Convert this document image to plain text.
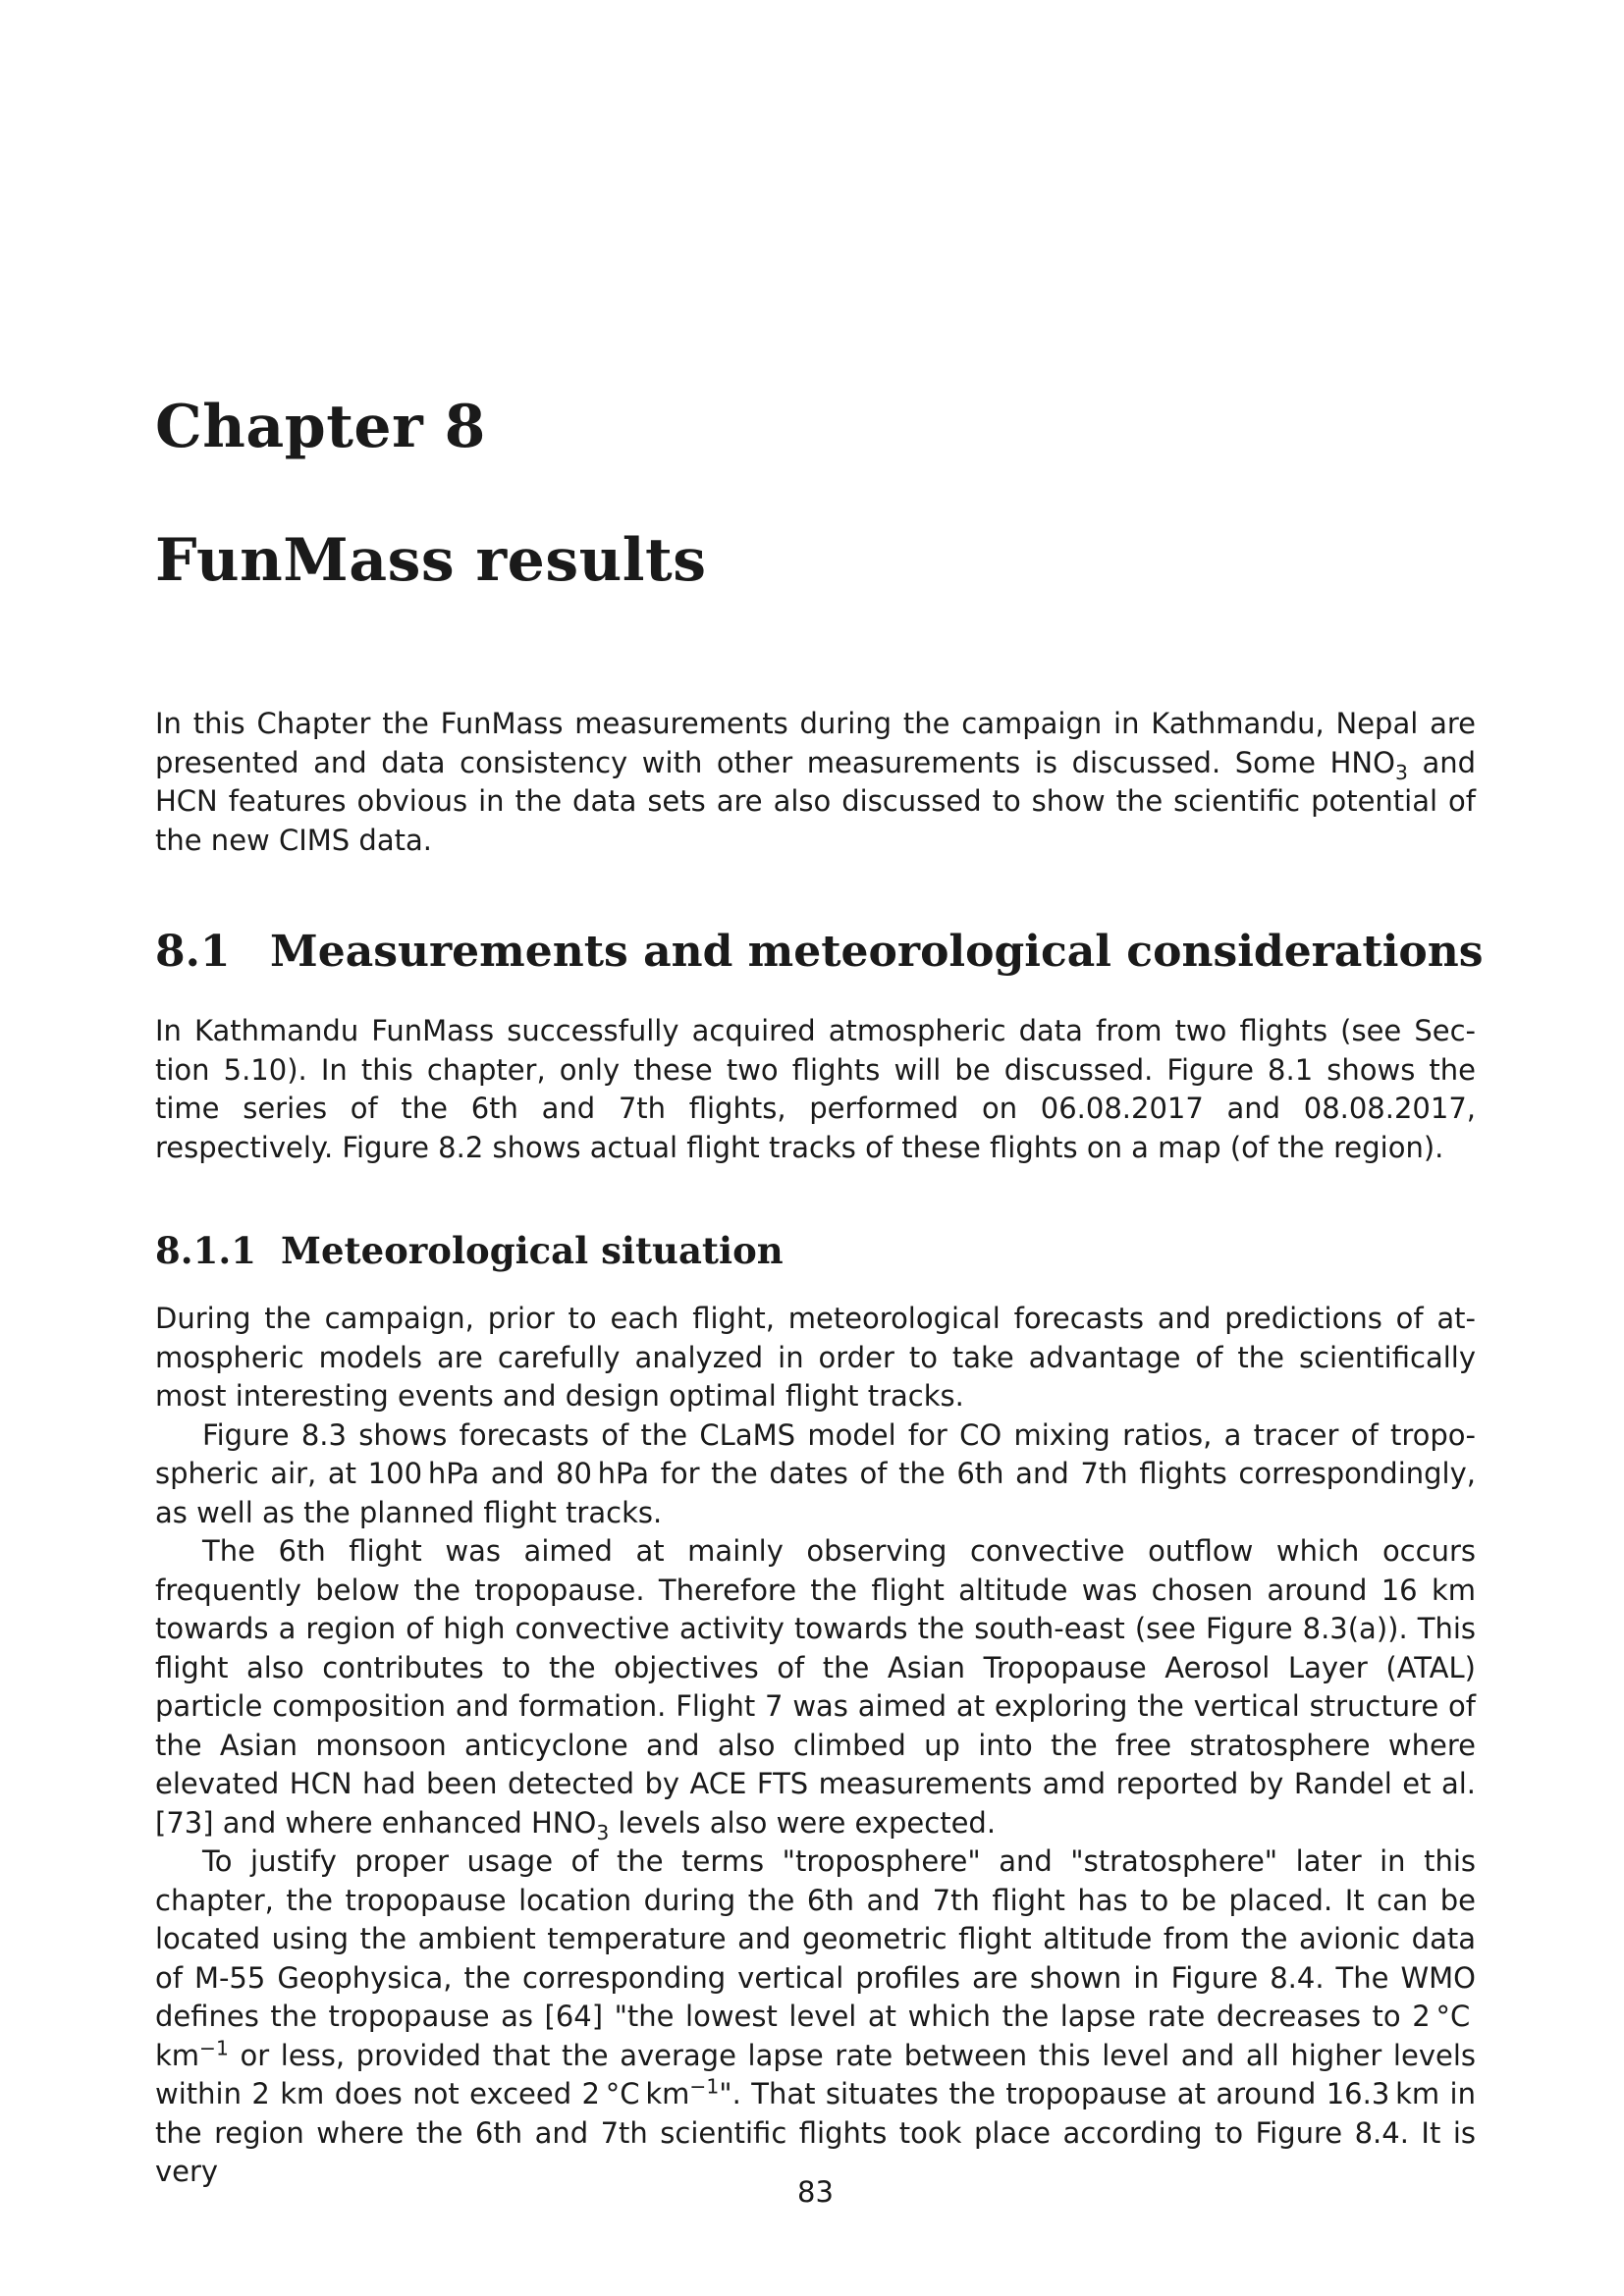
Chapter 8
FunMass results

In this Chapter the FunMass measurements during the campaign in Kathmandu, Nepal are presented and data consistency with other measurements is discussed. Some $HNO_3$ and HCN features obvious in the data sets are also discussed to show the scientific potential of the new CIMS data.

8.1 Measurements and meteorological considerations

In Kathmandu FunMass successfully acquired atmospheric data from two flights (see Section 5.10). In this chapter, only these two flights will be discussed. Figure 8.1 shows the time series of the 6th and 7th flights, performed on 06.08.2017 and 08.08.2017, respectively. Figure 8.2 shows actual flight tracks of these flights on a map (of the region).

8.1.1 Meteorological situation

During the campaign, prior to each flight, meteorological forecasts and predictions of atmospheric models are carefully analyzed in order to take advantage of the scientifically most interesting events and design optimal flight tracks.

Figure 8.3 shows forecasts of the CLaMS model for CO mixing ratios, a tracer of tropospheric air, at 100 hPa and 80 hPa for the dates of the 6th and 7th flights correspondingly, as well as the planned flight tracks.

The 6th flight was aimed at mainly observing convective outflow which occurs frequently below the tropopause. Therefore the flight altitude was chosen around 16 km towards a region of high convective activity towards the south-east (see Figure 8.3(a)). This flight also contributes to the objectives of the Asian Tropopause Aerosol Layer (ATAL) particle composition and formation. Flight 7 was aimed at exploring the vertical structure of the Asian monsoon anticyclone and also climbed up into the free stratosphere where elevated HCN had been detected by ACE FTS measurements amd reported by Randel et al. [73] and where enhanced $HNO_3$ levels also were expected.

To justify proper usage of the terms "troposphere" and "stratosphere" later in this chapter, the tropopause location during the 6th and 7th flight has to be placed. It can be located using the ambient temperature and geometric flight altitude from the avionic data of M-55 Geophysica, the corresponding vertical profiles are shown in Figure 8.4. The WMO defines the tropopause as [64] "the lowest level at which the lapse rate decreases to 2 °C $km^{-1}$ or less, provided that the average lapse rate between this level and all higher levels within 2 km does not exceed 2 °C $km^{-1}$". That situates the tropopause at around 16.3 km in the region where the 6th and 7th scientific flights took place according to Figure 8.4. It is very

83
